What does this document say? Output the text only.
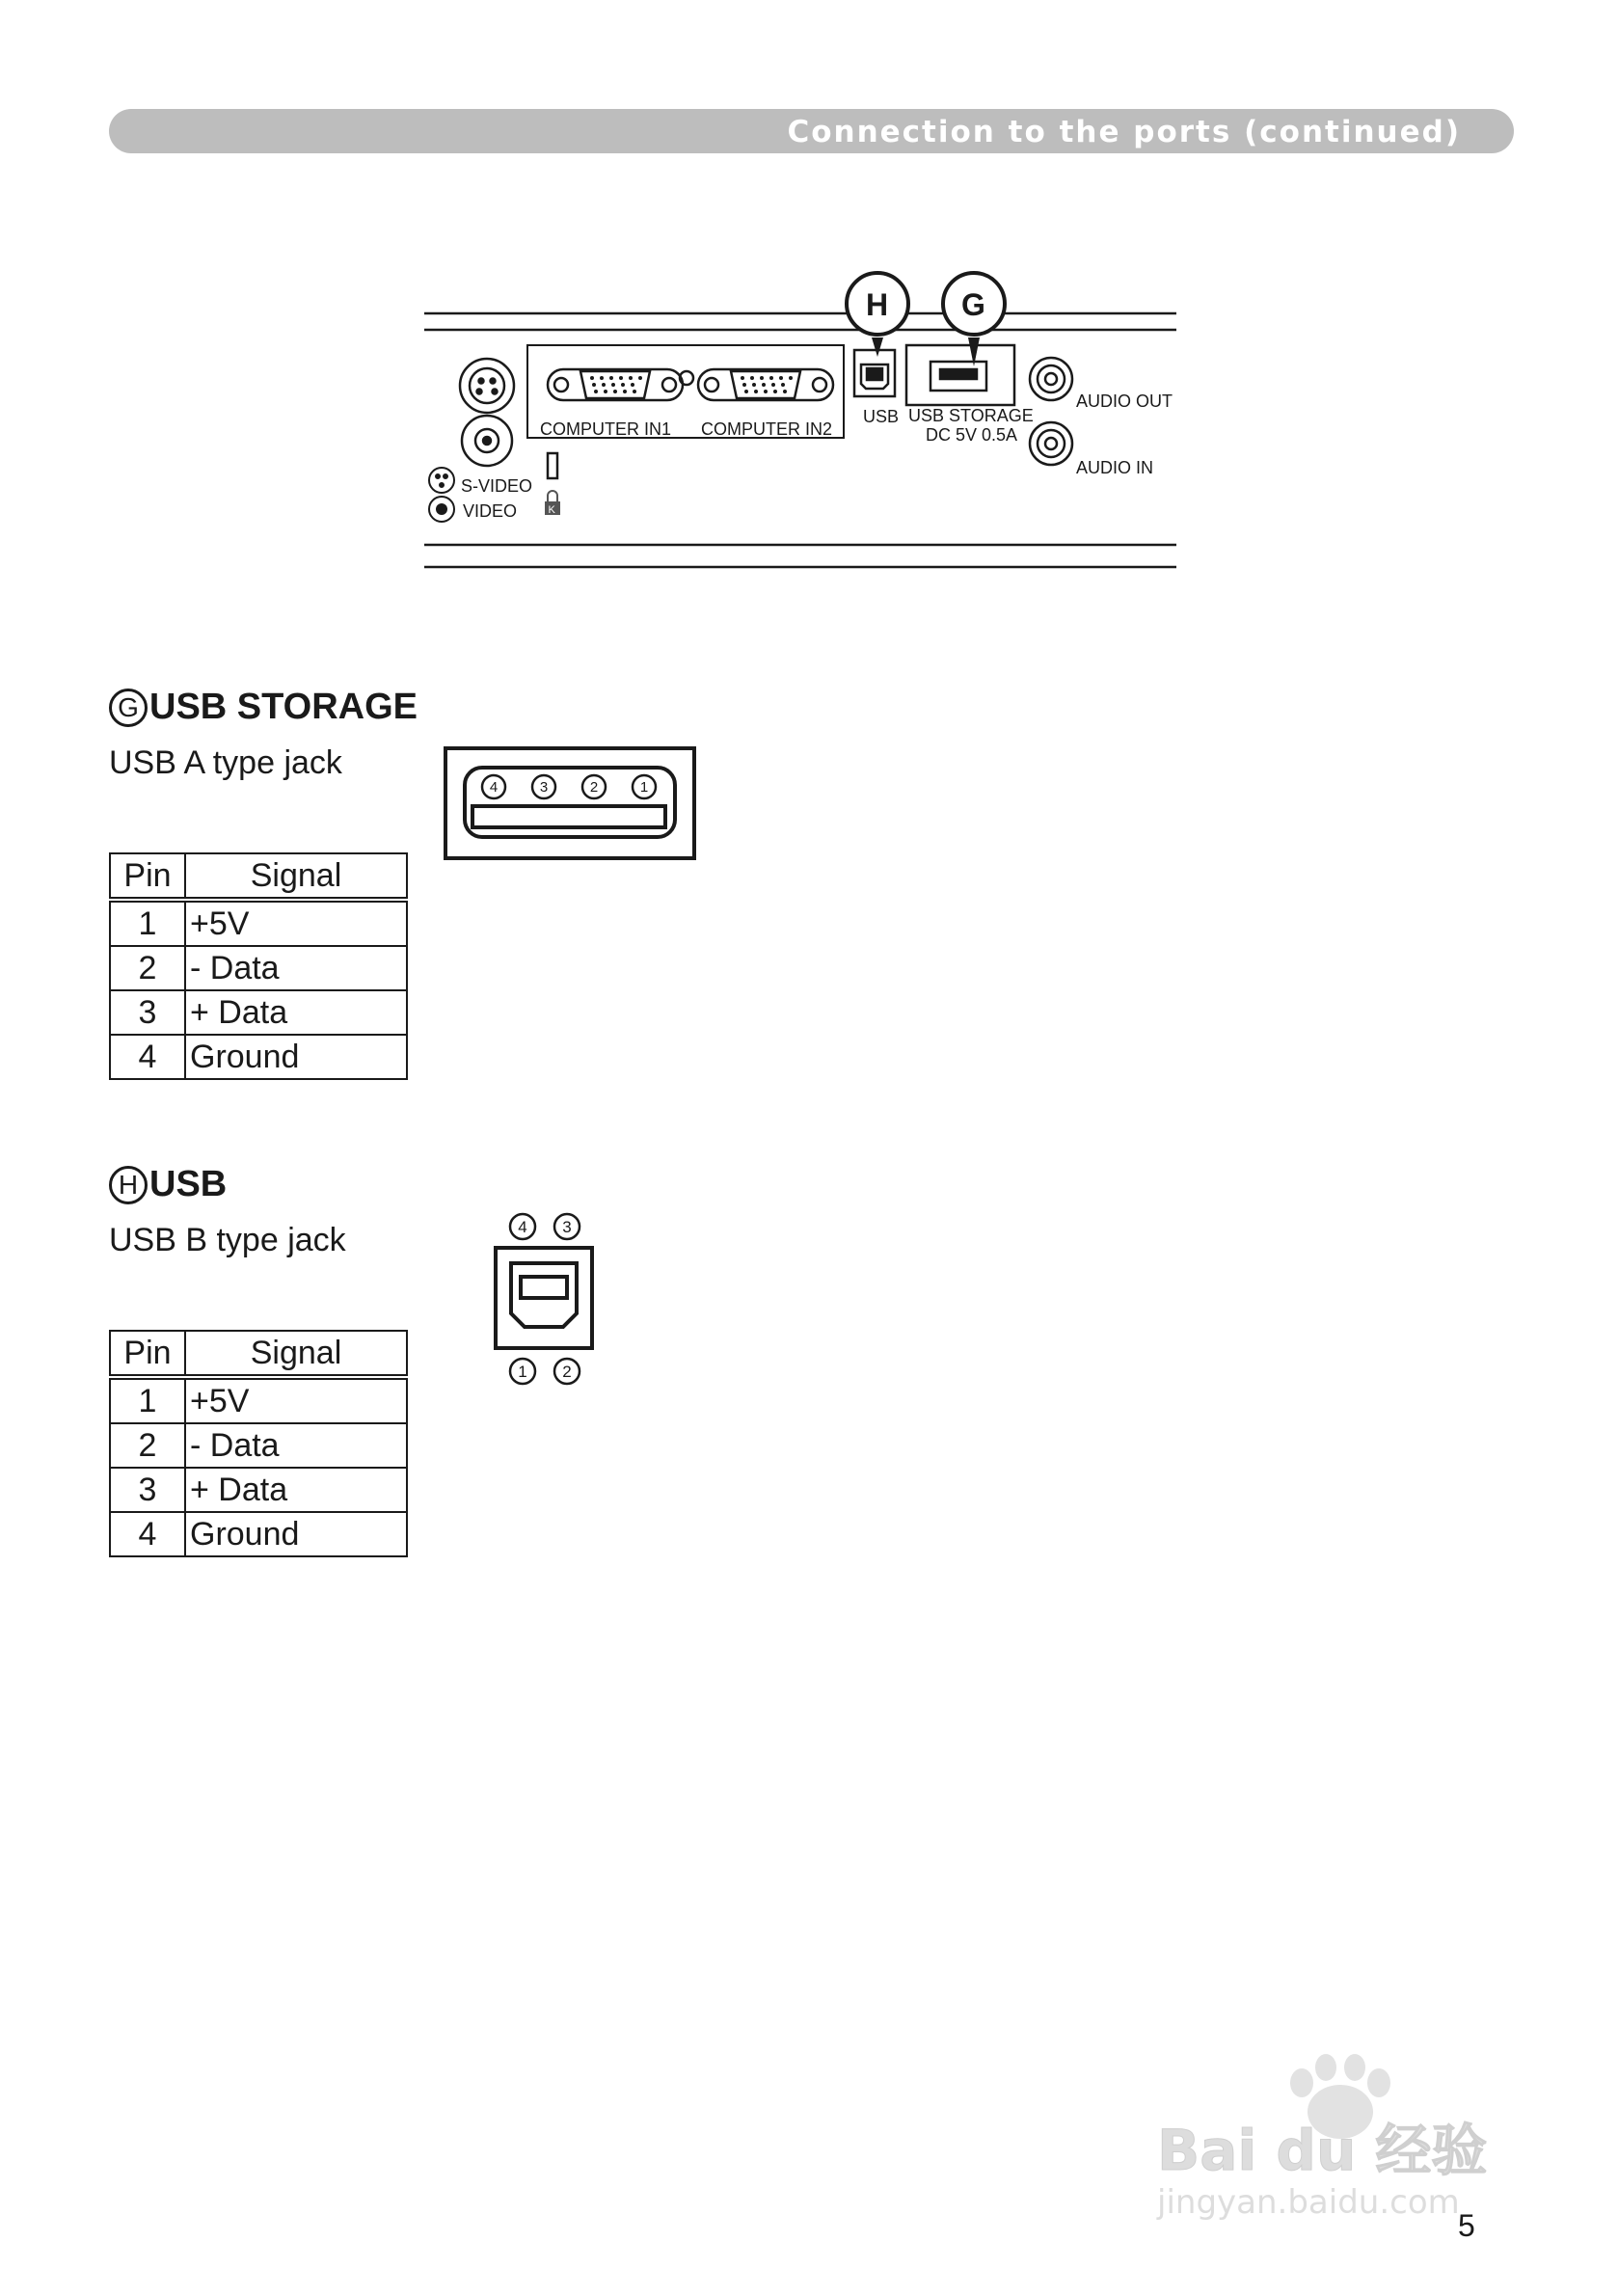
Connection to the ports (continued)
S-VIDEO
VIDEO	K
COMPUTER IN1 COMPUTER IN2
USB USB STORAGE
DC 5V 0.5A
H G
AUDIO OUT
AUDIO IN
G USB STORAGE
USB A type jack
4	3	2	1
Pin	Signal
1	+5V
2	- Data
3	+ Data
4	Ground
H USB
USB B type jack	4 3
1 2
Pin	Signal
1	+5V
2	- Data
3	+ Data
4	Ground
Bai du 经验
jingyan.baidu.com
5
